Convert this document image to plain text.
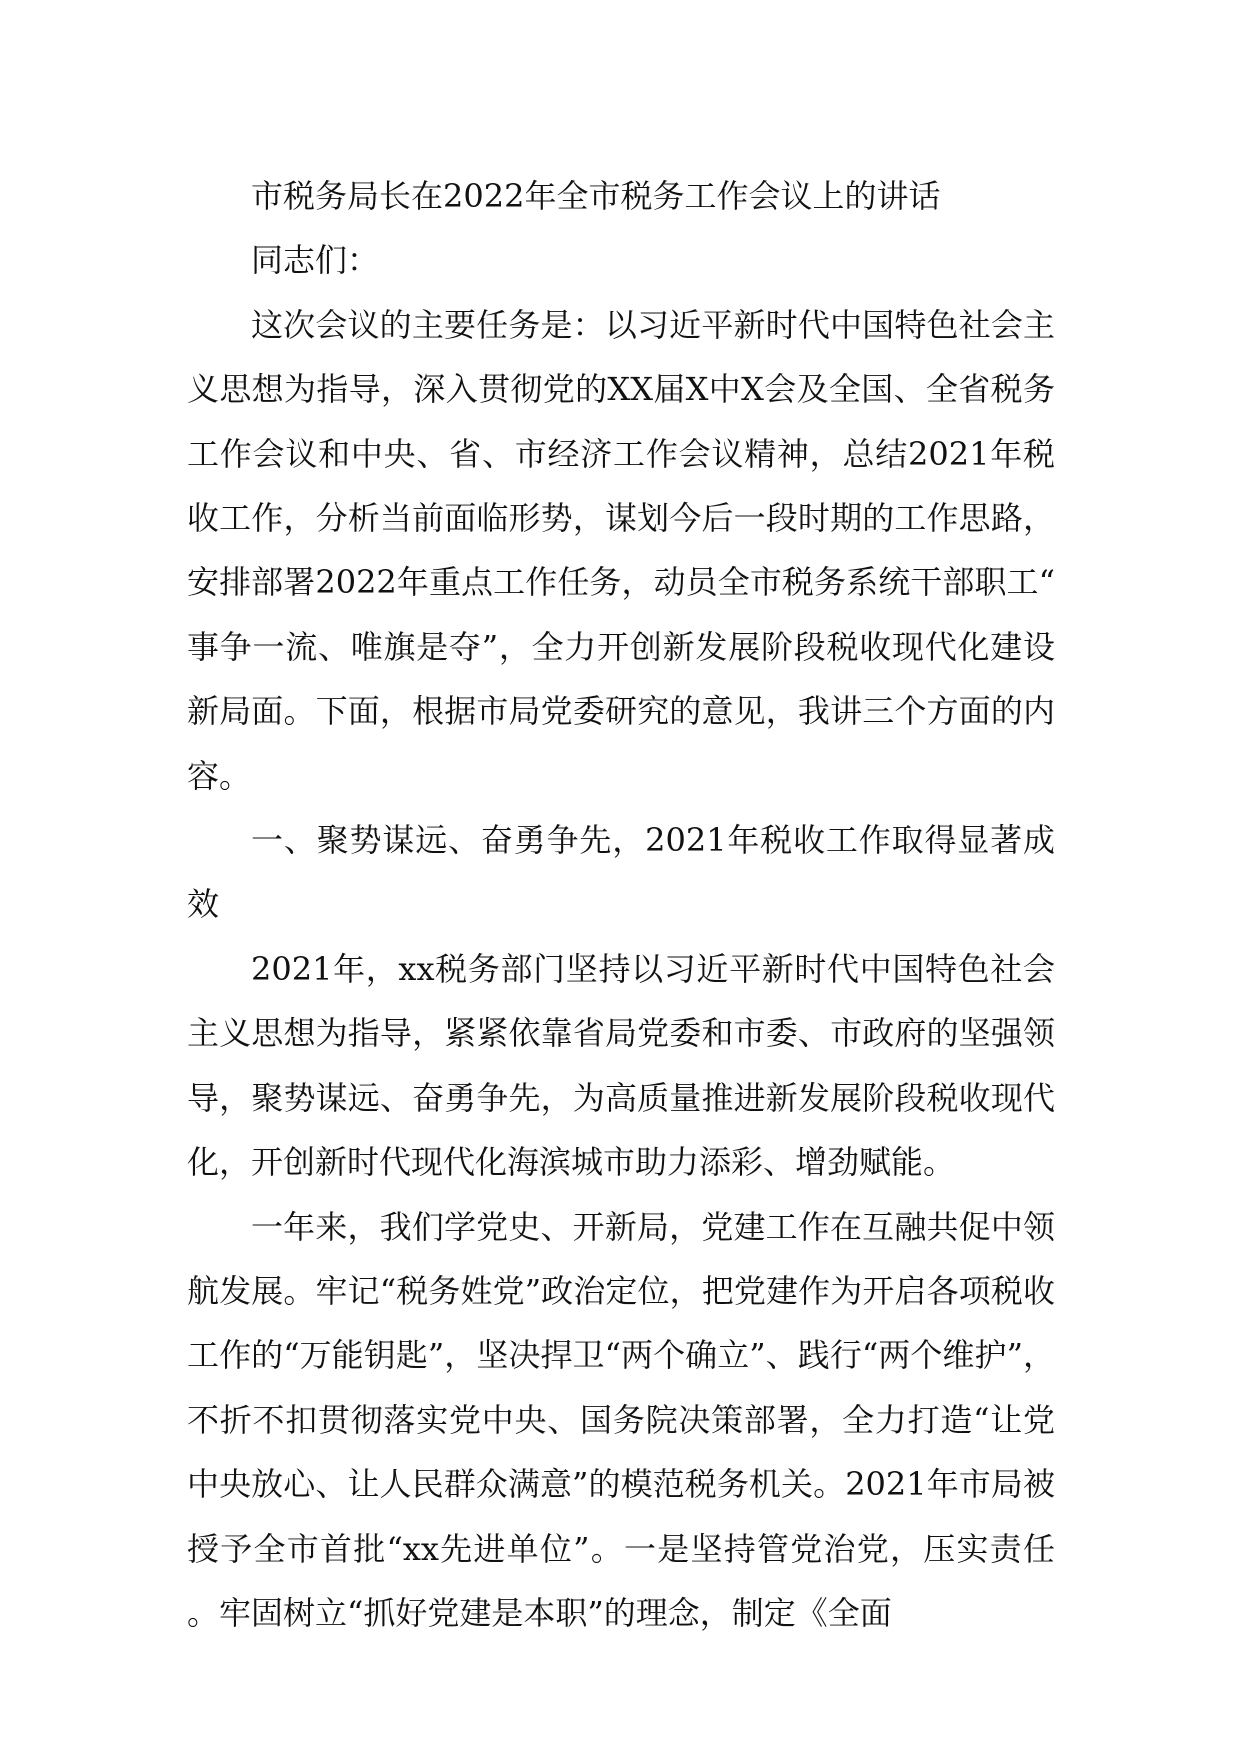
市税务局长在2022年全市税务工作会议上的讲话

同志们：

这次会议的主要任务是：以习近平新时代中国特色社会主义思想为指导，深入贯彻党的XX届X中X会及全国、全省税务工作会议和中央、省、市经济工作会议精神，总结2021年税收工作，分析当前面临形势，谋划今后一段时期的工作思路，安排部署2022年重点工作任务，动员全市税务系统干部职工“事争一流、唯旗是夺”，全力开创新发展阶段税收现代化建设新局面。下面，根据市局党委研究的意见，我讲三个方面的内容。

一、聚势谋远、奋勇争先，2021年税收工作取得显著成效

2021年，xx税务部门坚持以习近平新时代中国特色社会主义思想为指导，紧紧依靠省局党委和市委、市政府的坚强领导，聚势谋远、奋勇争先，为高质量推进新发展阶段税收现代化，开创新时代现代化海滨城市助力添彩、增劲赋能。

一年来，我们学党史、开新局，党建工作在互融共促中领航发展。牢记“税务姓党”政治定位，把党建作为开启各项税收工作的“万能钥匙”，坚决捍卫“两个确立”、践行“两个维护”，不折不扣贯彻落实党中央、国务院决策部署，全力打造“让党中央放心、让人民群众满意”的模范税务机关。2021年市局被授予全市首批“xx先进单位”。一是坚持管党治党，压实责任。牢固树立“抓好党建是本职”的理念，制定《全面
